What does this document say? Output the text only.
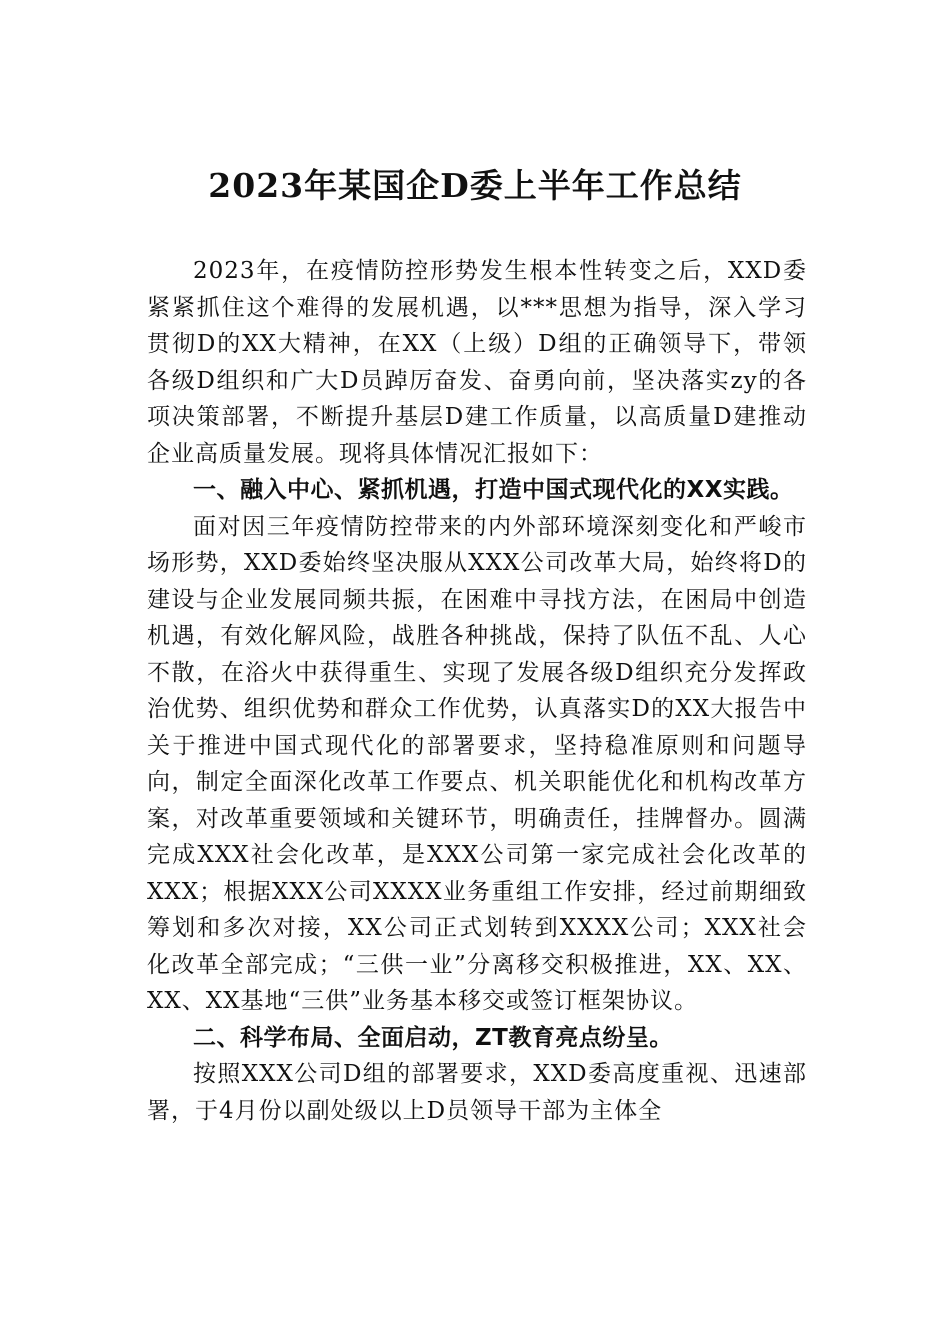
2023年某国企D委上半年工作总结

2023年，在疫情防控形势发生根本性转变之后，XXD委紧紧抓住这个难得的发展机遇，以***思想为指导，深入学习贯彻D的XX大精神，在XX（上级）D组的正确领导下，带领各级D组织和广大D员踔厉奋发、奋勇向前，坚决落实zy的各项决策部署，不断提升基层D建工作质量，以高质量D建推动企业高质量发展。现将具体情况汇报如下：

一、融入中心、紧抓机遇，打造中国式现代化的XX实践。

面对因三年疫情防控带来的内外部环境深刻变化和严峻市场形势，XXD委始终坚决服从XXX公司改革大局，始终将D的建设与企业发展同频共振，在困难中寻找方法，在困局中创造机遇，有效化解风险，战胜各种挑战，保持了队伍不乱、人心不散，在浴火中获得重生、实现了发展各级D组织充分发挥政治优势、组织优势和群众工作优势，认真落实D的XX大报告中关于推进中国式现代化的部署要求，坚持稳准原则和问题导向，制定全面深化改革工作要点、机关职能优化和机构改革方案，对改革重要领域和关键环节，明确责任，挂牌督办。圆满完成XXX社会化改革，是XXX公司第一家完成社会化改革的XXX；根据XXX公司XXXX业务重组工作安排，经过前期细致筹划和多次对接，XX公司正式划转到XXXX公司；XXX社会化改革全部完成；“三供一业”分离移交积极推进，XX、XX、XX、XX基地“三供”业务基本移交或签订框架协议。

二、科学布局、全面启动，ZT教育亮点纷呈。

按照XXX公司D组的部署要求，XXD委高度重视、迅速部署，于4月份以副处级以上D员领导干部为主体全
